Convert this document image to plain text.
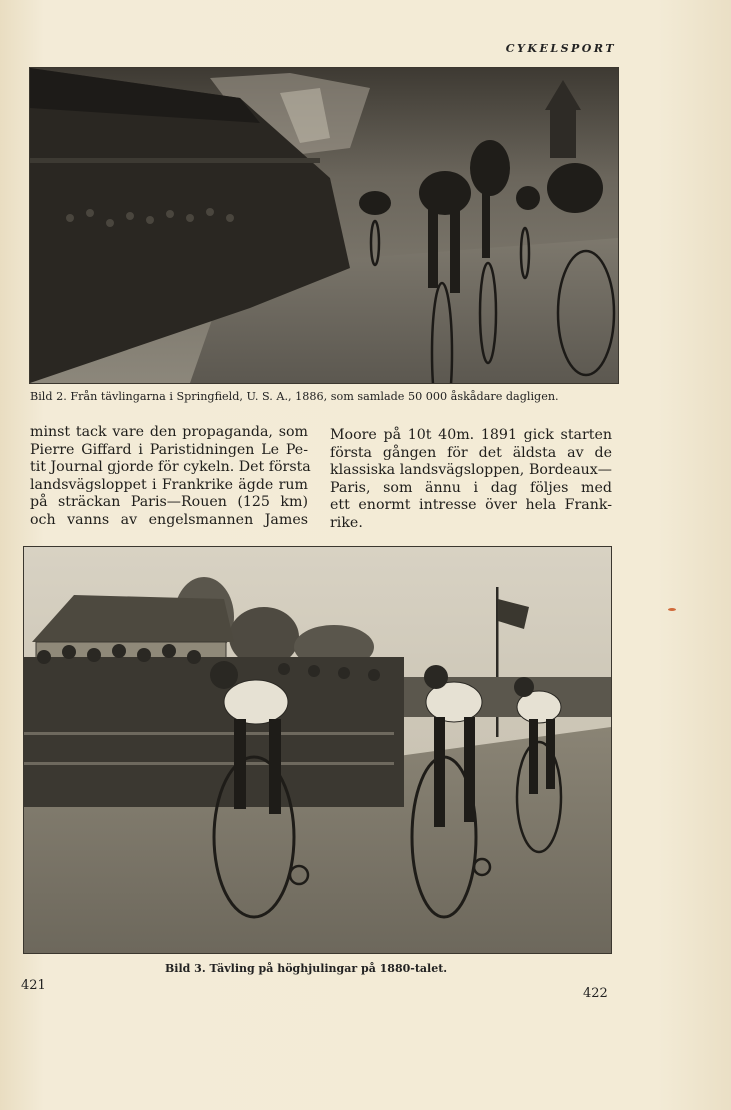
CYKELSPORT
Bild 2. Från tävlingarna i Springfield, U. S. A., 1886, som samlade 50 000 åskådare dagligen.
minst tack vare den propaganda, som
Pierre Giffard i Paristidningen Le Pe-
tit Journal gjorde för cykeln. Det första
landsvägsloppet i Frankrike ägde rum
på sträckan Paris—Rouen (125 km)
och vanns av engelsmannen James
Moore på 10t 40m. 1891 gick starten
första gången för det äldsta av de
klassiska landsvägsloppen, Bordeaux—
Paris, som ännu i dag följes med
ett enormt intresse över hela Frank-
rike.
Bild 3. Tävling på höghjulingar på 1880-talet.
421
422
